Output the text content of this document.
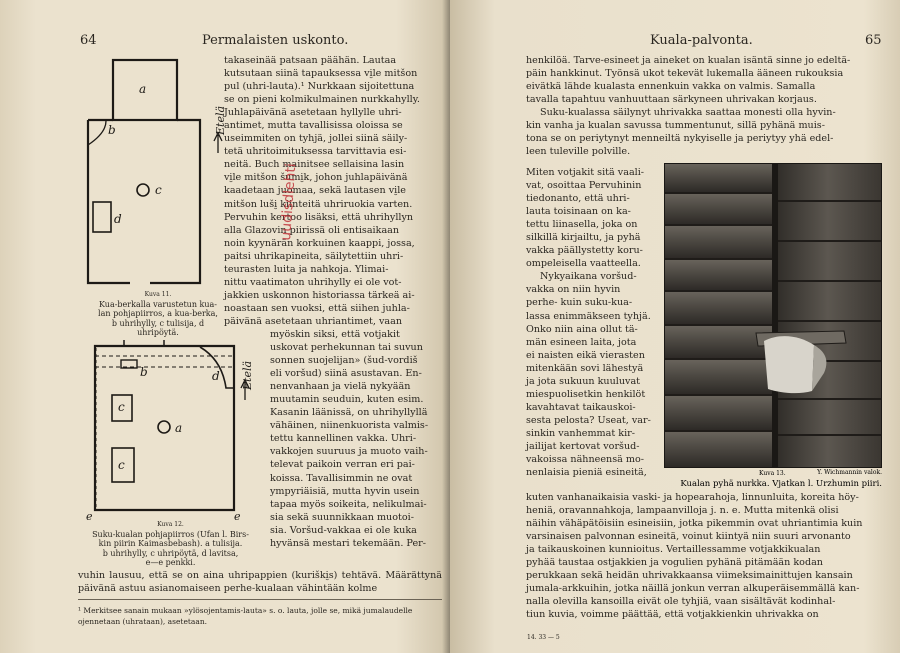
64	Permalaisten uskonto.
a
b
c
d
Etelä
Kuva 11.
Kua-berkalla varustetun kua-
lan pohjapiirros, a kua-berka,
b uhrihylly, c tulisija, d
uhripöytä.
a
b
c
c
d
e	e
Etelä
Kuva 12.
Suku-kualan pohjapiirros (Ufan l. Birs-
kin piirin Kaimasbebash). a tulisija.
b uhrihylly, c uhripöytä, d lavitsa,
e—e penkki.

takaseinää patsaan päähän. Lautaa

kutsutaan siinä tapauksessa vi̮le mitšon

pul (uhri-lauta).¹ Nurkkaan sijoitettuna

se on pieni kolmikulmainen nurkkahylly.

Juhlapäivänä asetetaan hyllylle uhri-

antimet, mutta tavallisissa oloissa se

useimmiten on tyhjä, jollei siinä säily-

tetä uhritoimituksessa tarvittavia esi-

neitä. Buch mainitsee sellaisina lasin

vi̮le mitšon šumi̮k, johon juhlapäivänä

kaadetaan juomaa, sekä lautasen vi̮le

mitšon luši̮ kiinteitä uhriruokia varten.

Pervuhin kertoo lisäksi, että uhrihyllyn

alla Glazovin piirissä oli entisaikaan

noin kyynärän korkuinen kaappi, jossa,

paitsi uhrikapineita, säilytettiin uhri-

teurasten luita ja nahkoja. Ylimai-

nittu vaatimaton uhrihylly ei ole vot-

jakkien uskonnon historiassa tärkeä ai-

noastaan sen vuoksi, että siihen juhla-

päivänä asetetaan uhriantimet, vaan

myöskin siksi, että votjakit

uskovat perhekunnan tai suvun

sonnen suojelijan» (šud-vordiš

eli voršud) siinä asustavan. En-

nenvanhaan ja vielä nykyään

muutamin seuduin, kuten esim.

Kasanin läänissä, on uhrihyllyllä

vähäinen, niinenkuorista valmis-

tettu kannellinen vakka. Uhri-

vakkojen suuruus ja muoto vaih-

televat paikoin verran eri pai-

koissa. Tavallisimmin ne ovat

ympyriäisiä, mutta hyvin usein

tapaa myös soikeita, nelikulmai-

sia sekä suunnikkaan muotoi-

sia. Voršud-vakkaa ei ole kuka

hyvänsä mestari tekemään. Per-

vuhin lausuu, että se on aina uhripappien (kuriški̮s) tehtävä. Määrättynä päivänä astuu asianomaiseen perhe-kualaan vähintään kolme

¹ Merkitsee sanain mukaan »ylösojentamis-lauta» s. o. lauta, jolle se, mikä jumalaudelle ojennetaan (uhrataan), asetetaan.
uudisdlehti
Kuala-palvonta.	65

henkilöä. Tarve-esineet ja aineket on kualan isäntä sinne jo edeltä-

päin hankkinut. Työnsä ukot tekevät lukemalla ääneen rukouksia

eivätkä lähde kualasta ennenkuin vakka on valmis. Samalla

tavalla tapahtuu vanhuuttaan särkyneen uhrivakan korjaus.

Suku-kualassa säilynyt uhrivakka saattaa monesti olla hyvin-

kin vanha ja kualan savussa tummentunut, sillä pyhänä muis-

tona se on periytynyt menneiltä nykyiselle ja periytyy yhä edel-

leen tuleville polville.

Miten votjakit sitä vaali-

vat, osoittaa Pervuhinin

tiedonanto, että uhri-

lauta toisinaan on ka-

tettu liinasella, joka on

silkillä kirjailtu, ja pyhä

vakka päällystetty koru-

ompeleisella vaatteella.

Nykyaikana voršud-

vakka on niin hyvin

perhe- kuin suku-kua-

lassa enimmäkseen tyhjä.

Onko niin aina ollut tä-

män esineen laita, jota

ei naisten eikä vierasten

mitenkään sovi lähestyä

ja jota sukuun kuuluvat

miespuolisetkin henkilöt

kavahtavat taikauskoi-

sesta pelosta? Useat, var-

sinkin vanhemmat kir-

jailijat kertovat voršud-

vakoissa nähneensä mo-

nenlaisia pieniä esineitä,

kuten vanhanaikaisia vaski- ja hopearahoja, linnunluita, koreita höy-

heniä, oravannahkoja, lampaanvilloja j. n. e. Mutta mitenkä olisi

näihin vähäpätöisiin esineisiin, jotka pikemmin ovat uhriantimia kuin

varsinaisen palvonnan esineitä, voinut kiintyä niin suuri arvonanto

ja taikauskoinen kunnioitus. Vertaillessamme votjakkikualan

pyhää taustaa ostjakkien ja vogulien pyhänä pitämään kodan

perukkaan sekä heidän uhrivakkaansa viimeksimainittujen kansain

jumala-arkkuihin, jotka näillä jonkun verran alkuperäisemmällä kan-

nalla olevilla kansoilla eivät ole tyhjiä, vaan sisältävät kodinhal-

tiun kuvia, voimme päättää, että votjakkienkin uhrivakka on

14. 33 — 5
Kuva 13.	Y. Wichmannin valok.
Kualan pyhä nurkka. Vjatkan l. Urzhumin piiri.
